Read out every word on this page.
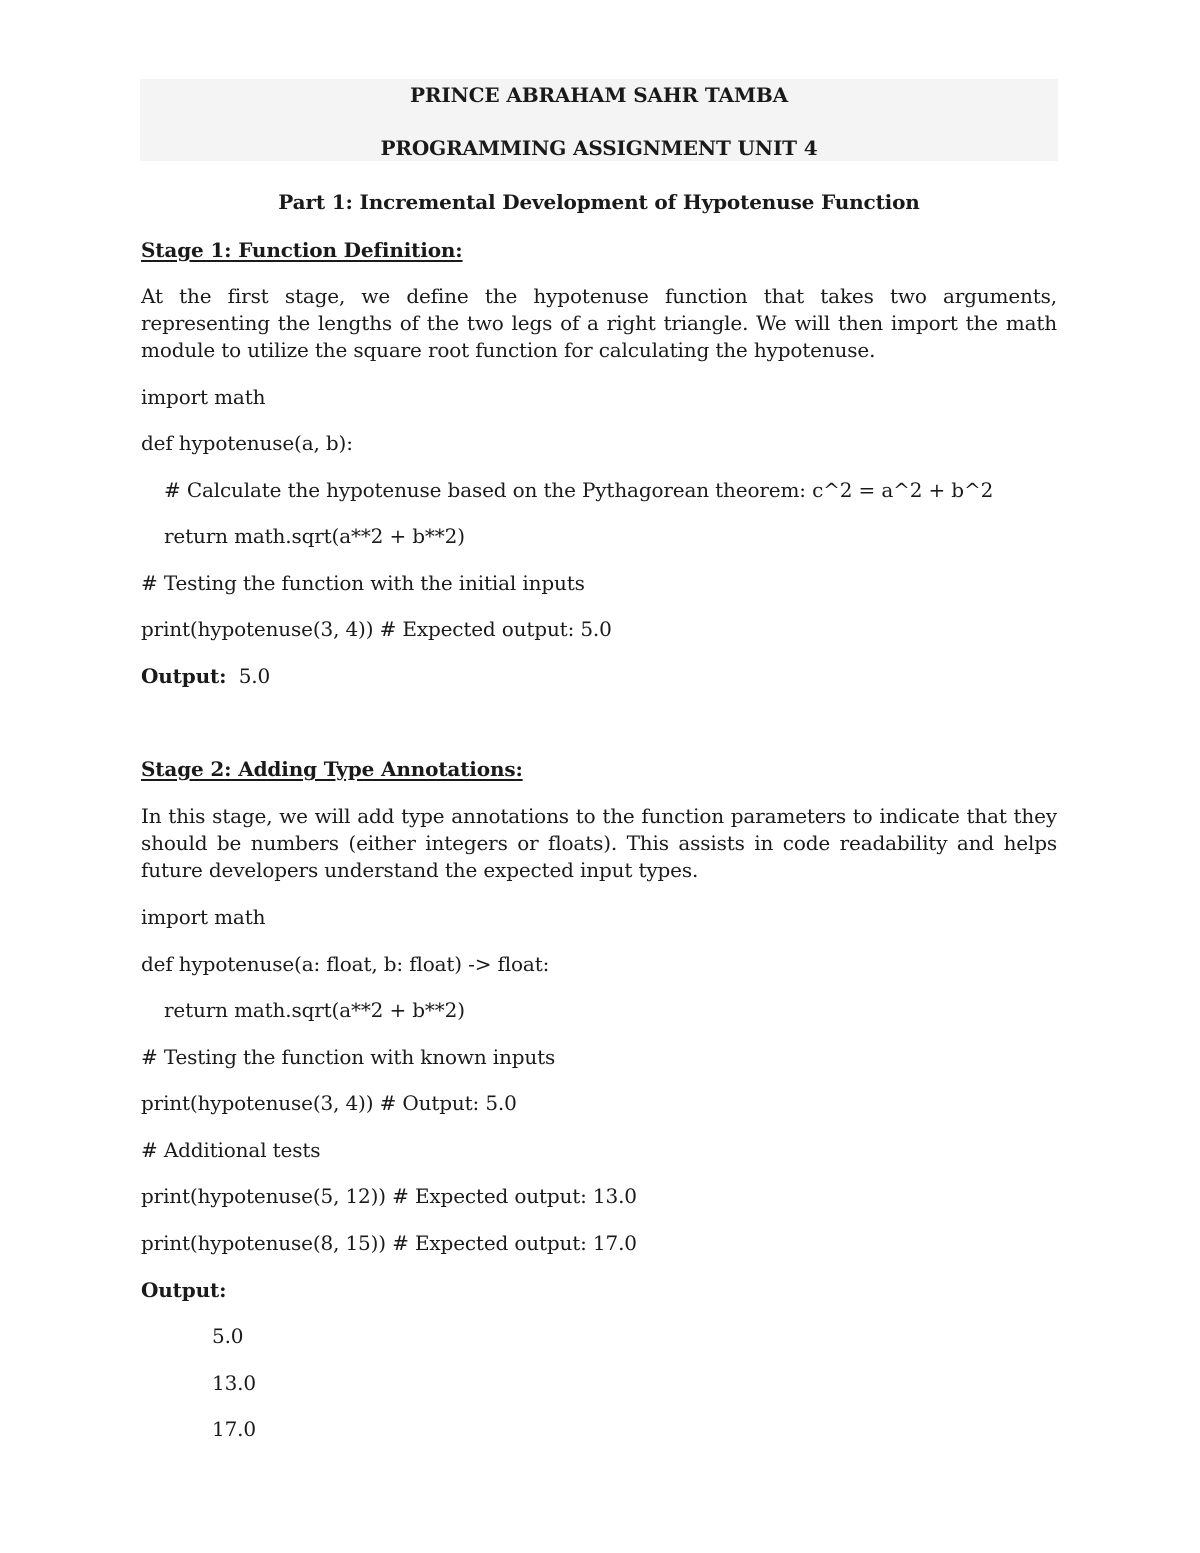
PRINCE ABRAHAM SAHR TAMBA
PROGRAMMING ASSIGNMENT UNIT 4
Part 1: Incremental Development of Hypotenuse Function
Stage 1: Function Definition:
At the first stage, we define the hypotenuse function that takes two arguments, representing the lengths of the two legs of a right triangle. We will then import the math module to utilize the square root function for calculating the hypotenuse.
import math
def hypotenuse(a, b):
# Calculate the hypotenuse based on the Pythagorean theorem: c^2 = a^2 + b^2
return math.sqrt(a**2 + b**2)
# Testing the function with the initial inputs
print(hypotenuse(3, 4)) # Expected output: 5.0
Output: 5.0
Stage 2: Adding Type Annotations:
In this stage, we will add type annotations to the function parameters to indicate that they should be numbers (either integers or floats). This assists in code readability and helps future developers understand the expected input types.
import math
def hypotenuse(a: float, b: float) -> float:
return math.sqrt(a**2 + b**2)
# Testing the function with known inputs
print(hypotenuse(3, 4)) # Output: 5.0
# Additional tests
print(hypotenuse(5, 12)) # Expected output: 13.0
print(hypotenuse(8, 15)) # Expected output: 17.0
Output:
5.0
13.0
17.0
